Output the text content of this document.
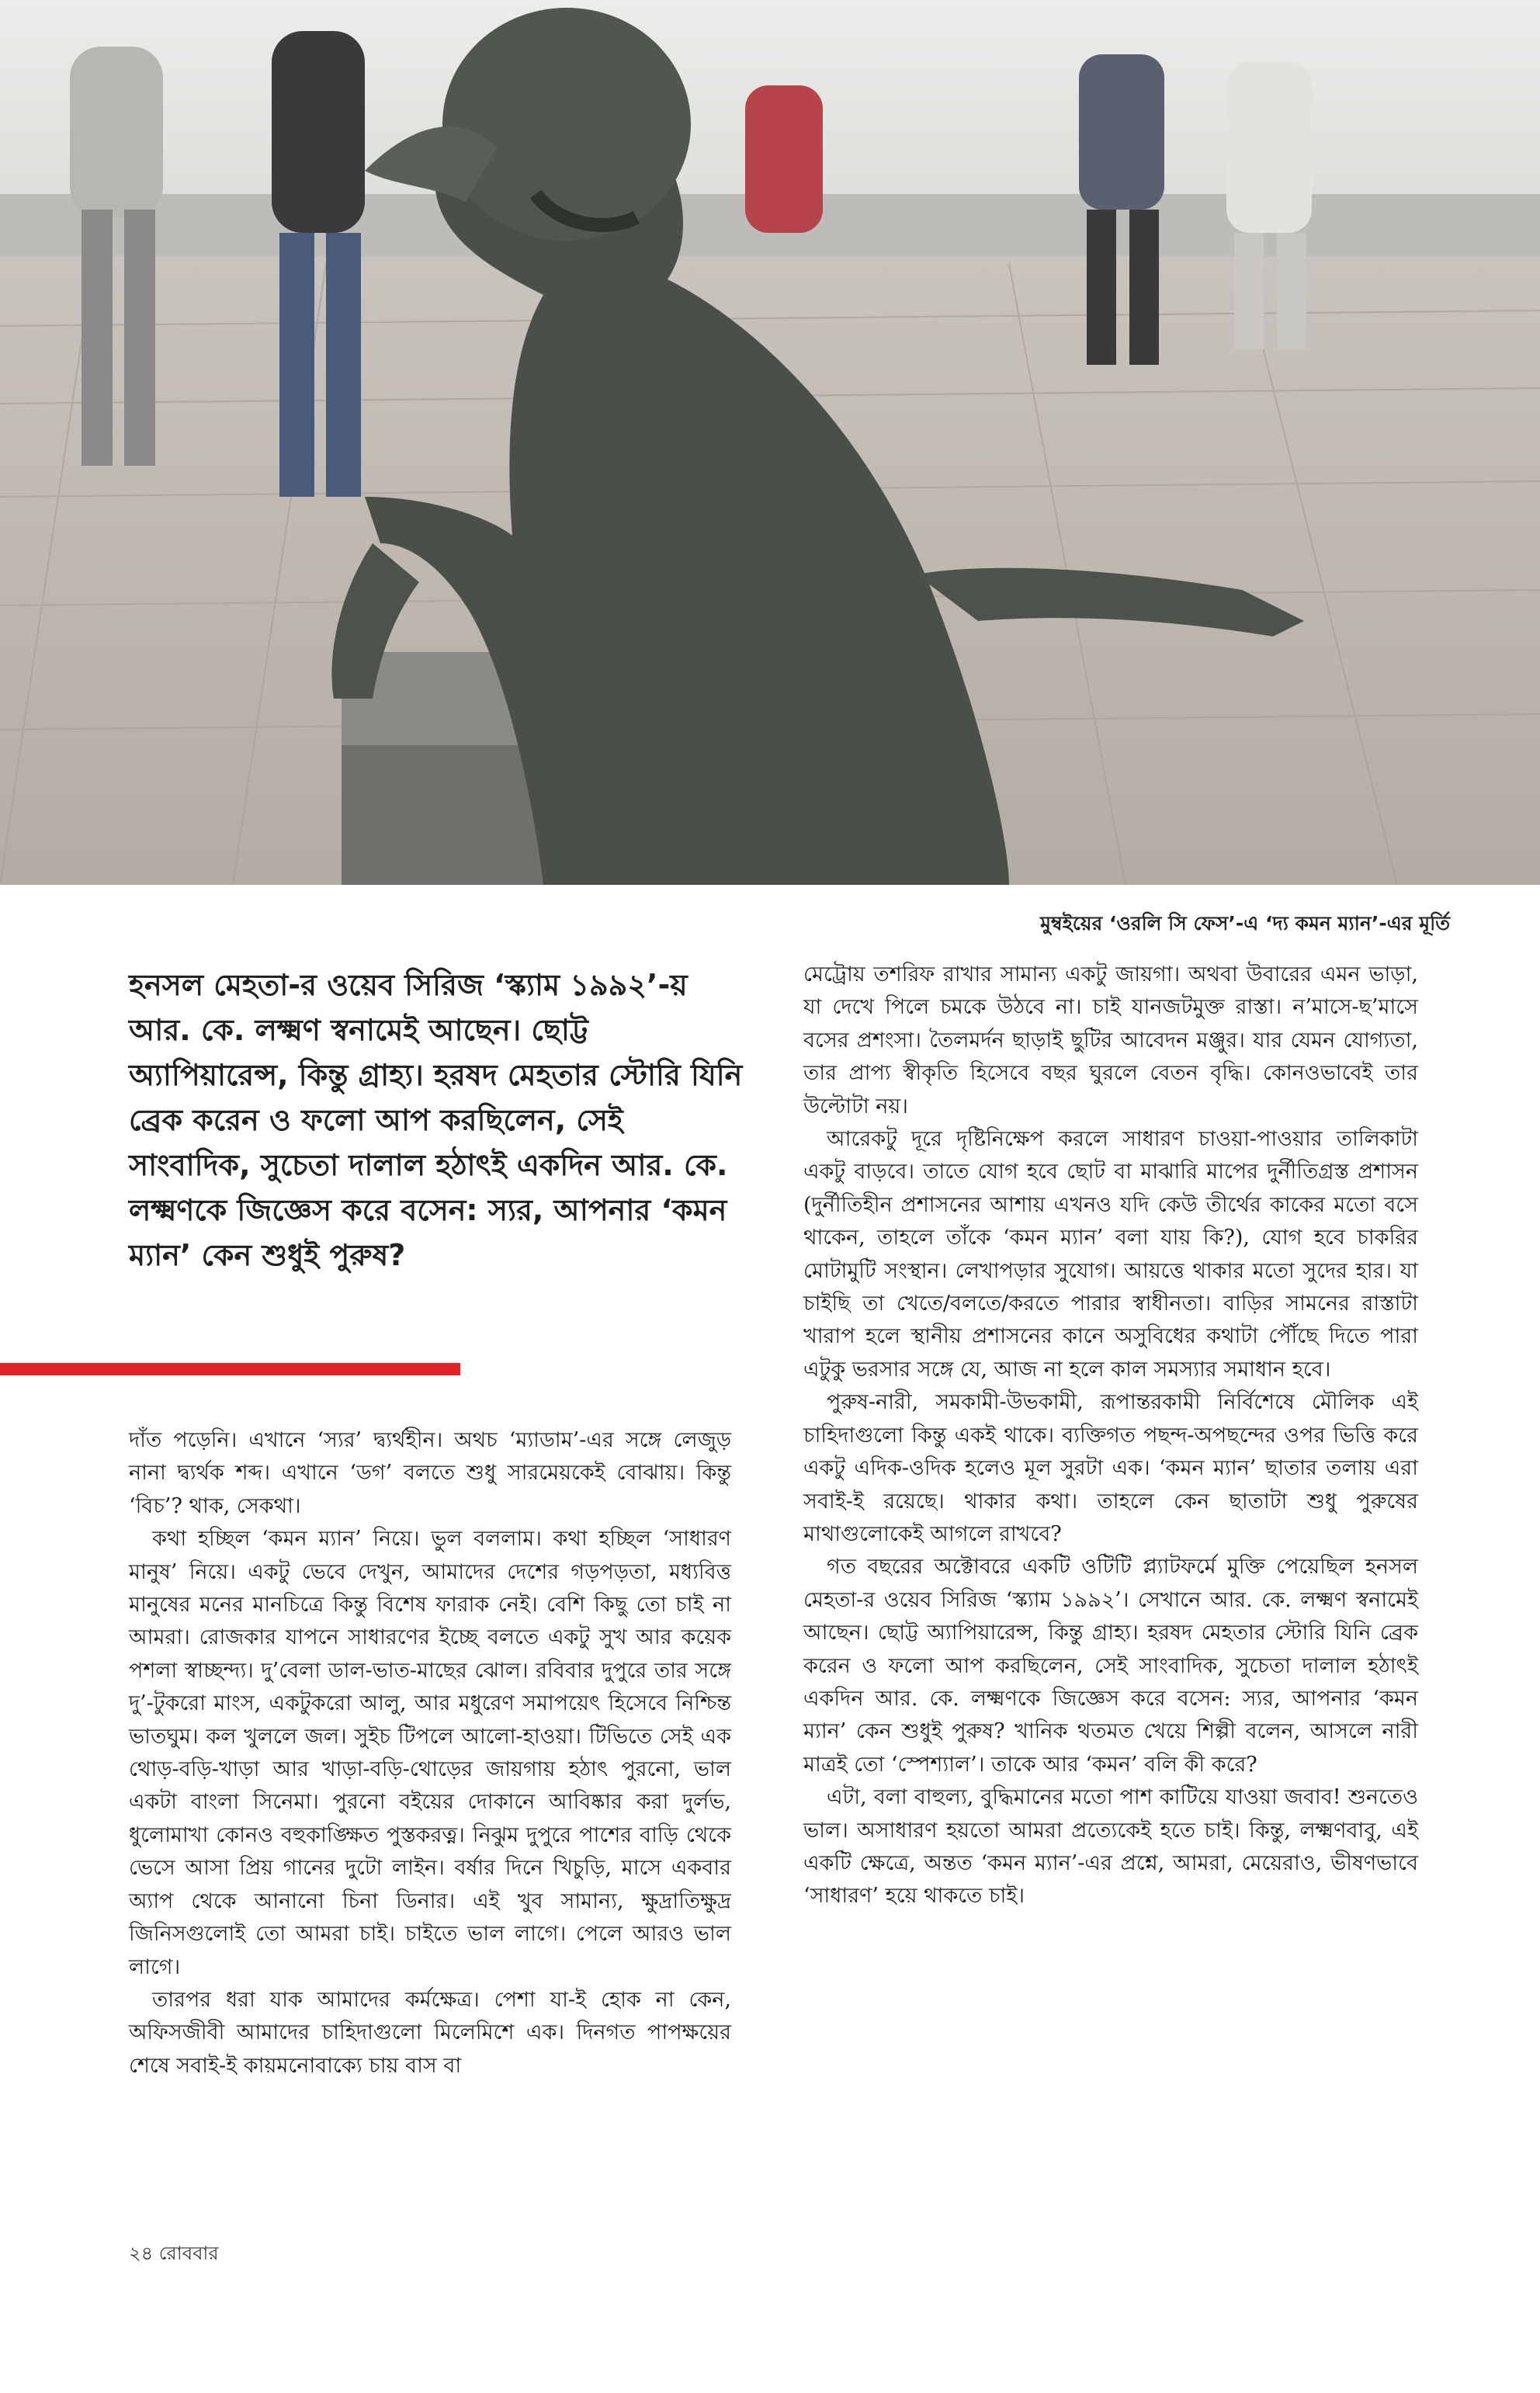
মুম্বইয়ের ‘ওরলি সি ফেস’-এ ‘দ্য কমন ম্যান’-এর মূর্তি

হনসল মেহতা-র ওয়েব সিরিজ ‘স্ক্যাম ১৯৯২’-য় আর. কে. লক্ষ্মণ স্বনামেই আছেন। ছোট্ট অ্যাপিয়ারেন্স, কিন্তু গ্রাহ্য। হরষদ মেহতার স্টোরি যিনি ব্রেক করেন ও ফলো আপ করছিলেন, সেই সাংবাদিক, সুচেতা দালাল হঠাৎই একদিন আর. কে. লক্ষ্মণকে জিজ্ঞেস করে বসেন: স্যর, আপনার ‘কমন ম্যান’ কেন শুধুই পুরুষ?

দাঁত পড়েনি। এখানে ‘স্যর’ দ্ব্যর্থহীন। অথচ ‘ম্যাডাম’-এর সঙ্গে লেজুড় নানা দ্ব্যর্থক শব্দ। এখানে ‘ডগ’ বলতে শুধু সারমেয়কেই বোঝায়। কিন্তু ‘বিচ’? থাক, সেকথা।

কথা হচ্ছিল ‘কমন ম্যান’ নিয়ে। ভুল বললাম। কথা হচ্ছিল ‘সাধারণ মানুষ’ নিয়ে। একটু ভেবে দেখুন, আমাদের দেশের গড়পড়তা, মধ্যবিত্ত মানুষের মনের মানচিত্রে কিন্তু বিশেষ ফারাক নেই। বেশি কিছু তো চাই না আমরা। রোজকার যাপনে সাধারণের ইচ্ছে বলতে একটু সুখ আর কয়েক পশলা স্বাচ্ছন্দ্য। দু’বেলা ডাল-ভাত-মাছের ঝোল। রবিবার দুপুরে তার সঙ্গে দু’-টুকরো মাংস, একটুকরো আলু, আর মধুরেণ সমাপয়েৎ হিসেবে নিশ্চিন্ত ভাতঘুম। কল খুললে জল। সুইচ টিপলে আলো-হাওয়া। টিভিতে সেই এক থোড়-বড়ি-খাড়া আর খাড়া-বড়ি-থোড়ের জায়গায় হঠাৎ পুরনো, ভাল একটা বাংলা সিনেমা। পুরনো বইয়ের দোকানে আবিষ্কার করা দুর্লভ, ধুলোমাখা কোনও বহুকাঙ্ক্ষিত পুস্তকরত্ন। নিঝুম দুপুরে পাশের বাড়ি থেকে ভেসে আসা প্রিয় গানের দুটো লাইন। বর্ষার দিনে খিচুড়ি, মাসে একবার অ্যাপ থেকে আনানো চিনা ডিনার। এই খুব সামান্য, ক্ষুদ্রাতিক্ষুদ্র জিনিসগুলোই তো আমরা চাই। চাইতে ভাল লাগে। পেলে আরও ভাল লাগে।

তারপর ধরা যাক আমাদের কর্মক্ষেত্র। পেশা যা-ই হোক না কেন, অফিসজীবী আমাদের চাহিদাগুলো মিলেমিশে এক। দিনগত পাপক্ষয়ের শেষে সবাই-ই কায়মনোবাক্যে চায় বাস বা

মেট্রোয় তশরিফ রাখার সামান্য একটু জায়গা। অথবা উবারের এমন ভাড়া, যা দেখে পিলে চমকে উঠবে না। চাই যানজটমুক্ত রাস্তা। ন’মাসে-ছ’মাসে বসের প্রশংসা। তৈলমর্দন ছাড়াই ছুটির আবেদন মঞ্জুর। যার যেমন যোগ্যতা, তার প্রাপ্য স্বীকৃতি হিসেবে বছর ঘুরলে বেতন বৃদ্ধি। কোনওভাবেই তার উল্টোটা নয়।

আরেকটু দূরে দৃষ্টিনিক্ষেপ করলে সাধারণ চাওয়া-পাওয়ার তালিকাটা একটু বাড়বে। তাতে যোগ হবে ছোট বা মাঝারি মাপের দুর্নীতিগ্রস্ত প্রশাসন (দুর্নীতিহীন প্রশাসনের আশায় এখনও যদি কেউ তীর্থের কাকের মতো বসে থাকেন, তাহলে তাঁকে ‘কমন ম্যান’ বলা যায় কি?), যোগ হবে চাকরির মোটামুটি সংস্থান। লেখাপড়ার সুযোগ। আয়ত্তে থাকার মতো সুদের হার। যা চাইছি তা খেতে/বলতে/করতে পারার স্বাধীনতা। বাড়ির সামনের রাস্তাটা খারাপ হলে স্থানীয় প্রশাসনের কানে অসুবিধের কথাটা পৌঁছে দিতে পারা এটুকু ভরসার সঙ্গে যে, আজ না হলে কাল সমস্যার সমাধান হবে।

পুরুষ-নারী, সমকামী-উভকামী, রূপান্তরকামী নির্বিশেষে মৌলিক এই চাহিদাগুলো কিন্তু একই থাকে। ব্যক্তিগত পছন্দ-অপছন্দের ওপর ভিত্তি করে একটু এদিক-ওদিক হলেও মূল সুরটা এক। ‘কমন ম্যান’ ছাতার তলায় এরা সবাই-ই রয়েছে। থাকার কথা। তাহলে কেন ছাতাটা শুধু পুরুষের মাথাগুলোকেই আগলে রাখবে?

গত বছরের অক্টোবরে একটি ওটিটি প্ল্যাটফর্মে মুক্তি পেয়েছিল হনসল মেহতা-র ওয়েব সিরিজ ‘স্ক্যাম ১৯৯২’। সেখানে আর. কে. লক্ষ্মণ স্বনামেই আছেন। ছোট্ট অ্যাপিয়ারেন্স, কিন্তু গ্রাহ্য। হরষদ মেহতার স্টোরি যিনি ব্রেক করেন ও ফলো আপ করছিলেন, সেই সাংবাদিক, সুচেতা দালাল হঠাৎই একদিন আর. কে. লক্ষ্মণকে জিজ্ঞেস করে বসেন: স্যর, আপনার ‘কমন ম্যান’ কেন শুধুই পুরুষ? খানিক থতমত খেয়ে শিল্পী বলেন, আসলে নারী মাত্রই তো ‘স্পেশ্যাল’। তাকে আর ‘কমন’ বলি কী করে?

এটা, বলা বাহুল্য, বুদ্ধিমানের মতো পাশ কাটিয়ে যাওয়া জবাব! শুনতেও ভাল। অসাধারণ হয়তো আমরা প্রত্যেকেই হতে চাই। কিন্তু, লক্ষ্মণবাবু, এই একটি ক্ষেত্রে, অন্তত ‘কমন ম্যান’-এর প্রশ্নে, আমরা, মেয়েরাও, ভীষণভাবে ‘সাধারণ’ হয়ে থাকতে চাই।

২৪ রোববার
